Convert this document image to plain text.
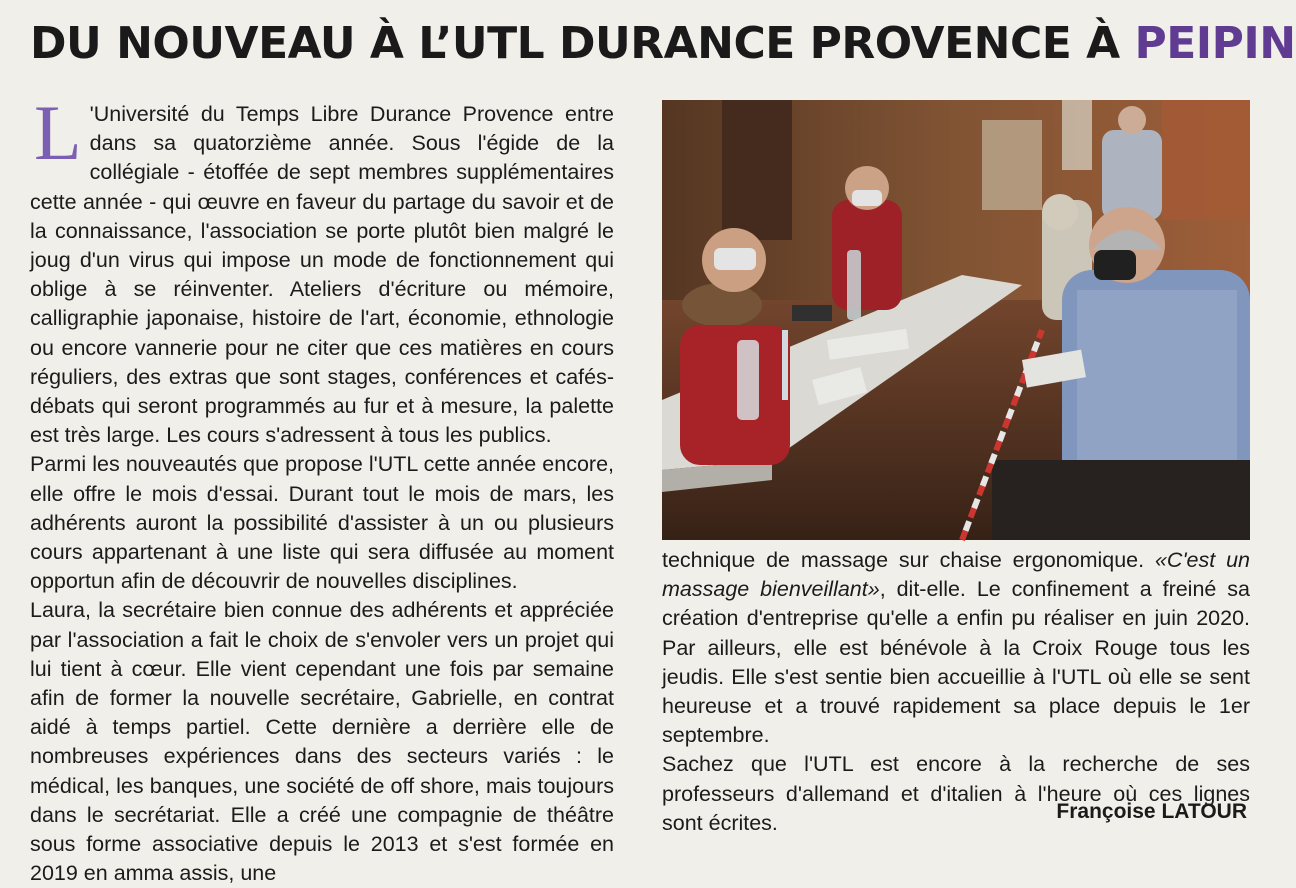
DU NOUVEAU À L’UTL DURANCE PROVENCE À PEIPIN

L 'Université du Temps Libre Durance Provence entre dans sa quatorzième année. Sous l'égide de la collégiale - étoffée de sept membres supplémentaires cette année - qui œuvre en faveur du partage du savoir et de la connaissance, l'association se porte plutôt bien malgré le joug d'un virus qui impose un mode de fonctionnement qui oblige à se réinventer. Ateliers d'écriture ou mémoire, calligraphie japonaise, histoire de l'art, économie, ethnologie ou encore vannerie pour ne citer que ces matières en cours réguliers, des extras que sont stages, conférences et cafés-débats qui seront programmés au fur et à mesure, la palette est très large. Les cours s'adressent à tous les publics.

Parmi les nouveautés que propose l'UTL cette année encore, elle offre le mois d'essai. Durant tout le mois de mars, les adhérents auront la possibilité d'assister à un ou plusieurs cours appartenant à une liste qui sera diffusée au moment opportun afin de découvrir de nouvelles disciplines.

Laura, la secrétaire bien connue des adhérents et appréciée par l'association a fait le choix de s'envoler vers un projet qui lui tient à cœur. Elle vient cependant une fois par semaine afin de former la nouvelle secrétaire, Gabrielle, en contrat aidé à temps partiel. Cette dernière a derrière elle de nombreuses expériences dans des secteurs variés : le médical, les banques, une société de off shore, mais toujours dans le secrétariat. Elle a créé une compagnie de théâtre sous forme associative depuis le 2013 et s'est formée en 2019 en amma assis, une

technique de massage sur chaise ergonomique. «C'est un massage bienveillant», dit-elle. Le confinement a freiné sa création d'entreprise qu'elle a enfin pu réaliser en juin 2020. Par ailleurs, elle est bénévole à la Croix Rouge tous les jeudis. Elle s'est sentie bien accueillie à l'UTL où elle se sent heureuse et a trouvé rapidement sa place depuis le 1er septembre.

Sachez que l'UTL est encore à la recherche de ses professeurs d'allemand et d'italien à l'heure où ces lignes sont écrites.	Françoise LATOUR
